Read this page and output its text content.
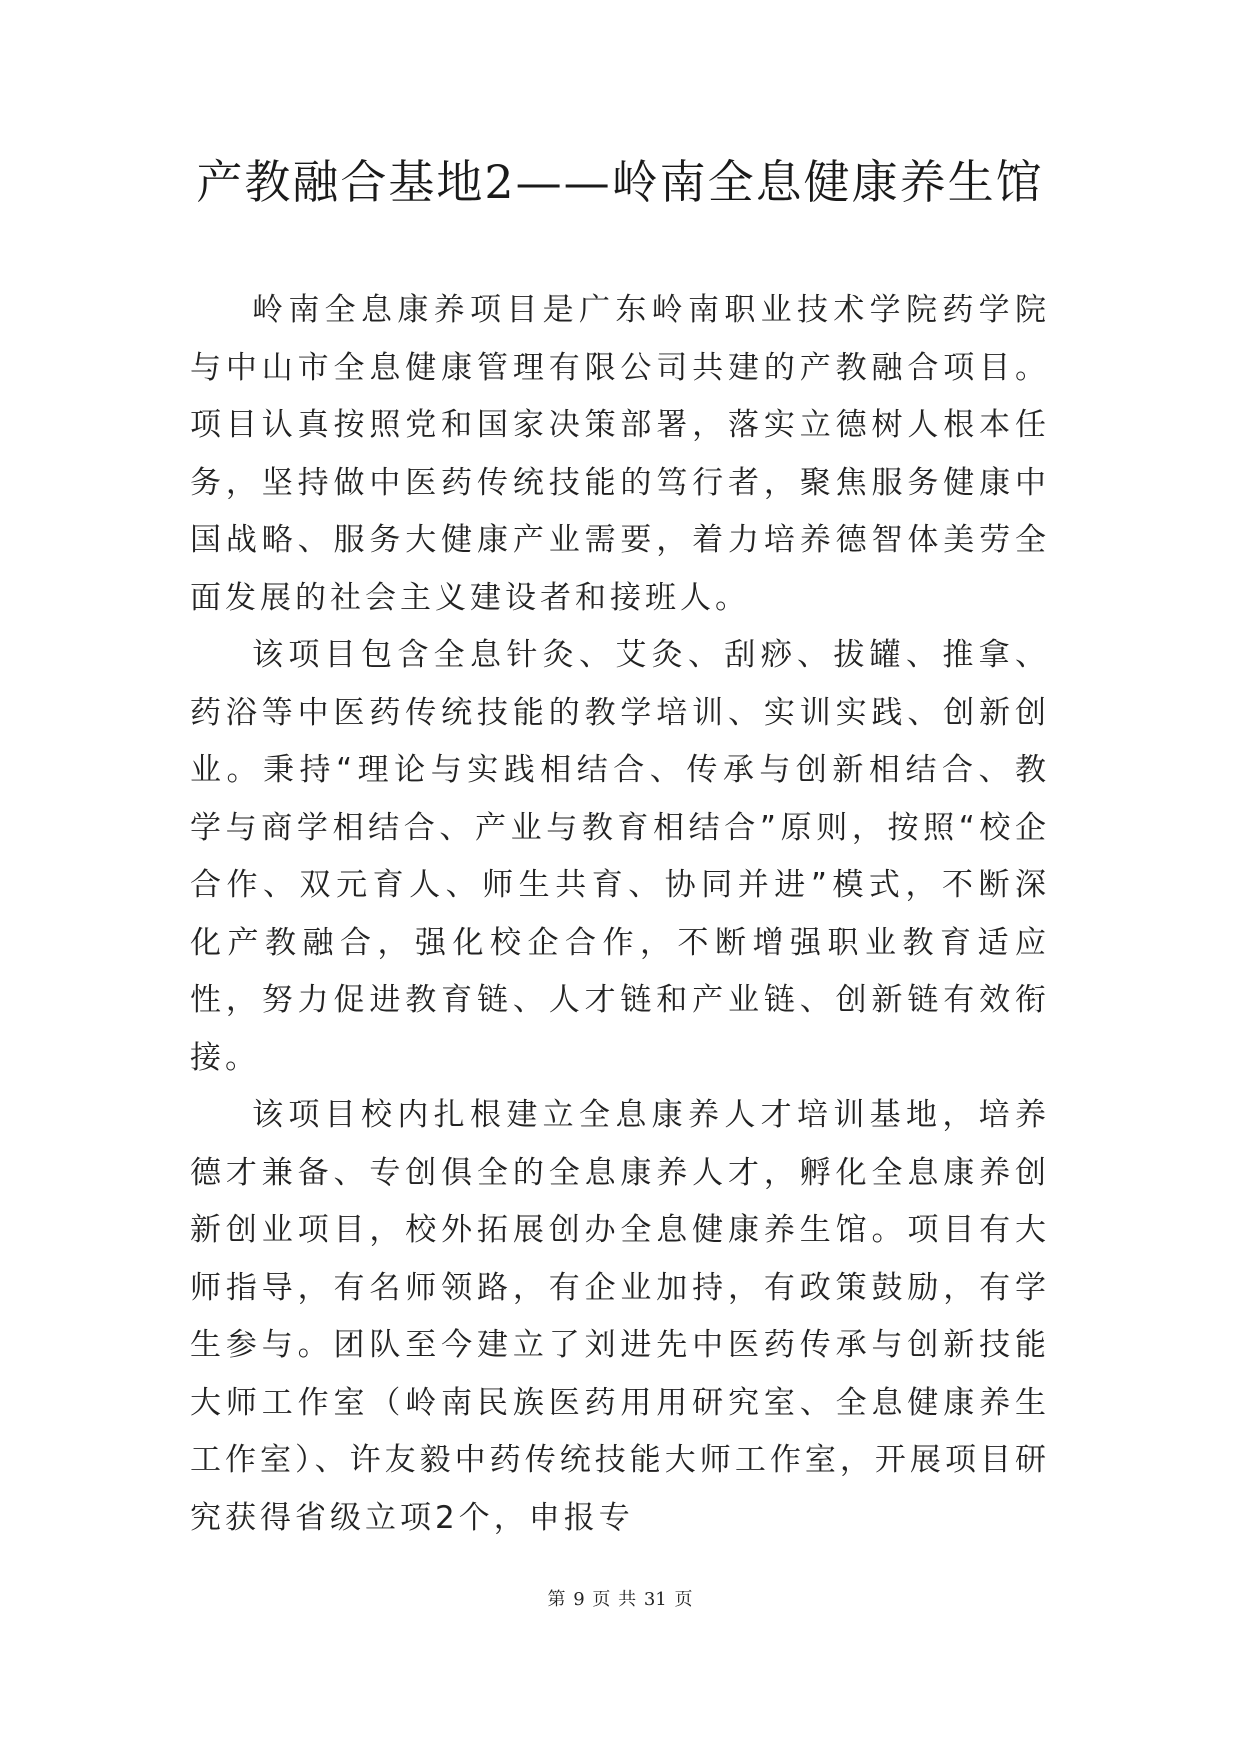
产教融合基地2——岭南全息健康养生馆

岭南全息康养项目是广东岭南职业技术学院药学院与中山市全息健康管理有限公司共建的产教融合项目。项目认真按照党和国家决策部署，落实立德树人根本任务，坚持做中医药传统技能的笃行者，聚焦服务健康中国战略、服务大健康产业需要，着力培养德智体美劳全面发展的社会主义建设者和接班人。

该项目包含全息针灸、艾灸、刮痧、拔罐、推拿、药浴等中医药传统技能的教学培训、实训实践、创新创业。秉持“理论与实践相结合、传承与创新相结合、教学与商学相结合、产业与教育相结合”原则，按照“校企合作、双元育人、师生共育、协同并进”模式，不断深化产教融合，强化校企合作，不断增强职业教育适应性，努力促进教育链、人才链和产业链、创新链有效衔接。

该项目校内扎根建立全息康养人才培训基地，培养德才兼备、专创俱全的全息康养人才，孵化全息康养创新创业项目，校外拓展创办全息健康养生馆。项目有大师指导，有名师领路，有企业加持，有政策鼓励，有学生参与。团队至今建立了刘进先中医药传承与创新技能大师工作室（岭南民族医药用用研究室、全息健康养生工作室）、许友毅中药传统技能大师工作室，开展项目研究获得省级立项2个，申报专

第 9 页 共 31 页
